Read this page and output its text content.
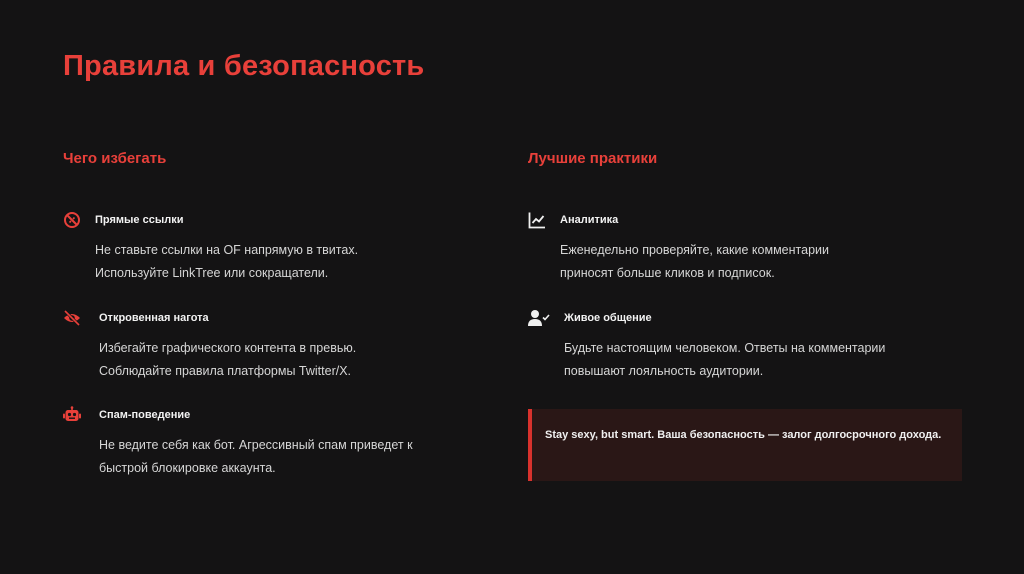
Правила и безопасность
Чего избегать
Прямые ссылки
Не ставьте ссылки на OF напрямую в твитах.
Используйте LinkTree или сокращатели.
Откровенная нагота
Избегайте графического контента в превью.
Соблюдайте правила платформы Twitter/X.
Спам-поведение
Не ведите себя как бот. Агрессивный спам приведет к
быстрой блокировке аккаунта.
Лучшие практики
Аналитика
Еженедельно проверяйте, какие комментарии
приносят больше кликов и подписок.
Живое общение
Будьте настоящим человеком. Ответы на комментарии
повышают лояльность аудитории.
Stay sexy, but smart. Ваша безопасность — залог долгосрочного дохода.
